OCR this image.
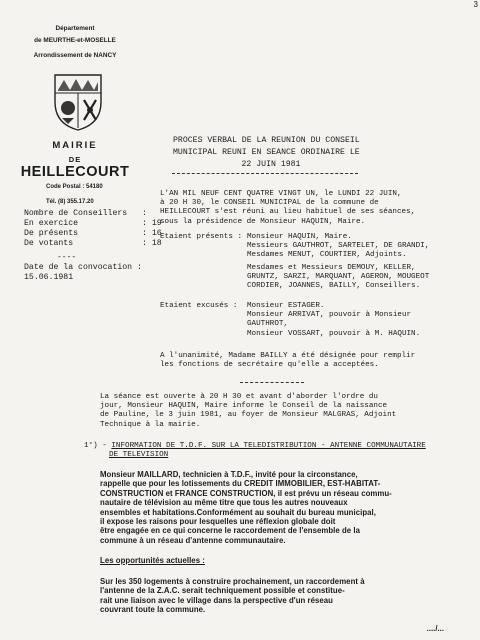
3
Département
de MEURTHE-et-MOSELLE
Arrondissement de NANCY
MAIRIE
DE
HEILLECOURT
Code Postal : 54180
Tél. (8) 355.17.20
Nombre de Conseillers	:
En exercice	: 19
De présents	: 16
De votants	: 18
----
Date de la convocation :
15.06.1981
PROCES VERBAL DE LA REUNION DU CONSEIL
MUNICIPAL REUNI EN SEANCE ORDINAIRE LE
22 JUIN 1981
L'AN MIL NEUF CENT QUATRE VINGT UN, le LUNDI 22 JUIN,
à 20 H 30, le CONSEIL MUNICIPAL de la commune de
HEILLECOURT s'est réuni au lieu habituel de ses séances,
sous la présidence de Monsieur HAQUIN, Maire.
Etaient présents : Monsieur HAQUIN, Maire.
Messieurs GAUTHROT, SARTELET, DE GRANDI,
Mesdames MENUT, COURTIER, Adjoints.
Mesdames et Messieurs DEMOUY, KELLER,
GRUNTZ, SARZI, MARQUANT, AGERON, MOUGEOT
CORDIER, JOANNES, BAILLY, Conseillers.
Etaient excusés : Monsieur ESTAGER.
Monsieur ARRIVAT, pouvoir à Monsieur
GAUTHROT,
Monsieur VOSSART, pouvoir à M. HAQUIN.
A l'unanimité, Madame BAILLY a été désignée pour remplir
les fonctions de secrétaire qu'elle a acceptées.
La séance est ouverte à 20 H 30 et avant d'aborder l'ordre du
jour, Monsieur HAQUIN, Maire informe le Conseil de la naissance
de Pauline, le 3 juin 1981, au foyer de Monsieur MALGRAS, Adjoint
Technique à la mairie.
1°) - INFORMATION DE T.D.F. SUR LA TELEDISTRIBUTION - ANTENNE COMMUNAUTAIRE
DE TELEVISION
Monsieur MAILLARD, technicien à T.D.F., invité pour la circonstance,
rappelle que pour les lotissements du CREDIT IMMOBILIER, EST-HABITAT-
CONSTRUCTION et FRANCE CONSTRUCTION, il est prévu un réseau commu-
nautaire de télévision au même titre que tous les autres nouveaux
ensembles et habitations.Conformément au souhait du bureau municipal,
il expose les raisons pour lesquelles une réflexion globale doit
être engagée en ce qui concerne le raccordement de l'ensemble de la
commune à un réseau d'antenne communautaire.
Les opportunités actuelles :
Sur les 350 logements à construire prochainement, un raccordement à
l'antenne de la Z.A.C. serait techniquement possible et constitue-
rait une liaison avec le village dans la perspective d'un réseau
couvrant toute la commune.
..../...
